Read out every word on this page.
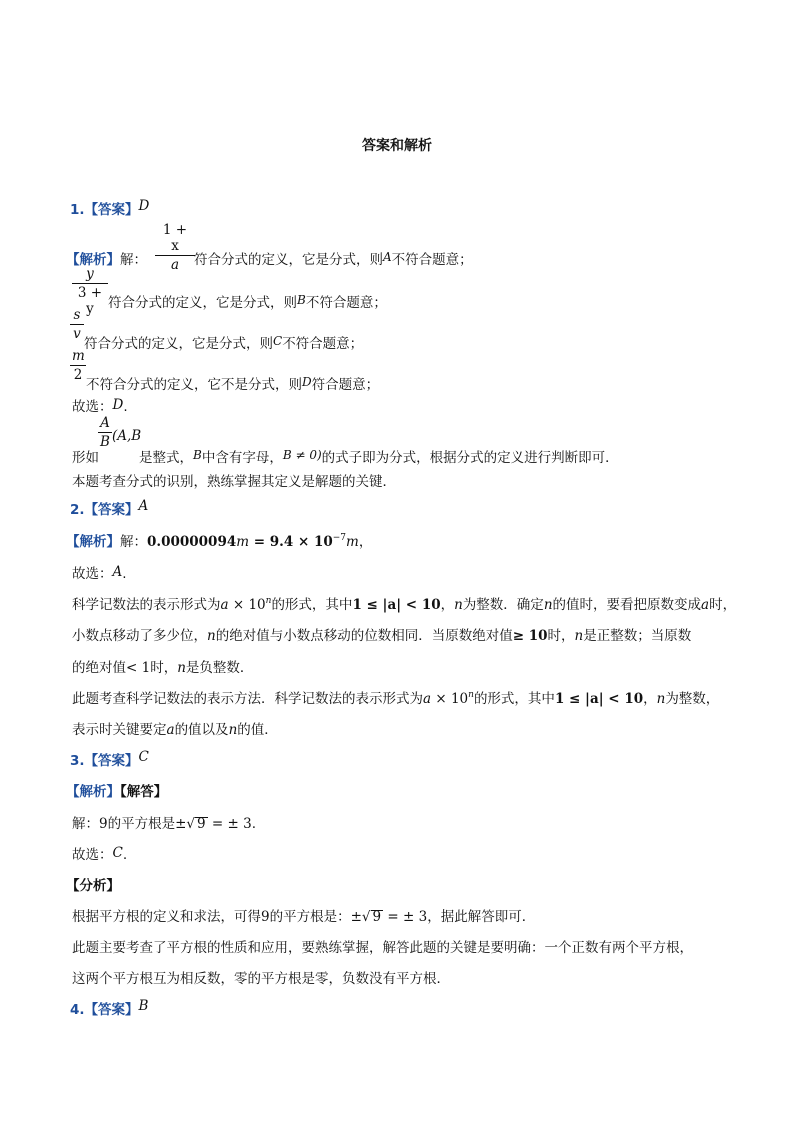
答案和解析
1.【答案】D
$\frac{1 + x}{a}$
【解析】解：	符合分式的定义，它是分式，则A不符合题意；
$\frac{y}{3 + y}$ 符合分式的定义，它是分式，则B不符合题意；
$\frac{s}{v}$
符合分式的定义，它是分式，则C不符合题意；
$\frac{m}{2}$
不符合分式的定义，它不是分式，则D符合题意；
故选：D.
$\frac{A}{B} (A,B$
形如	是整式，B中含有字母，B ≠ 0)的式子即为分式，根据分式的定义进行判断即可．
本题考查分式的识别，熟练掌握其定义是解题的关键．
2.【答案】A
【解析】解：$0.00000094m = 9.4 \times 10^{-7}m$，
故选：A.
科学记数法的表示形式为$a \times 10^n$的形式，其中1 ≤ |a| < 10，n为整数．确定n的值时，要看把原数变成a时，
小数点移动了多少位，n的绝对值与小数点移动的位数相同．当原数绝对值≥ 10时，n是正整数；当原数
的绝对值< 1时，n是负整数．
此题考查科学记数法的表示方法．科学记数法的表示形式为$a \times 10^n$的形式，其中1 ≤ |a| < 10，n为整数，
表示时关键要定a的值以及n的值．
3.【答案】C
【解析】【解答】
解：9的平方根是±√ 9 = ± 3.
故选：C.
【分析】
根据平方根的定义和求法，可得9的平方根是：±√ 9 = ± 3，据此解答即可．
此题主要考查了平方根的性质和应用，要熟练掌握，解答此题的关键是要明确：一个正数有两个平方根，
这两个平方根互为相反数，零的平方根是零，负数没有平方根．
4.【答案】B
